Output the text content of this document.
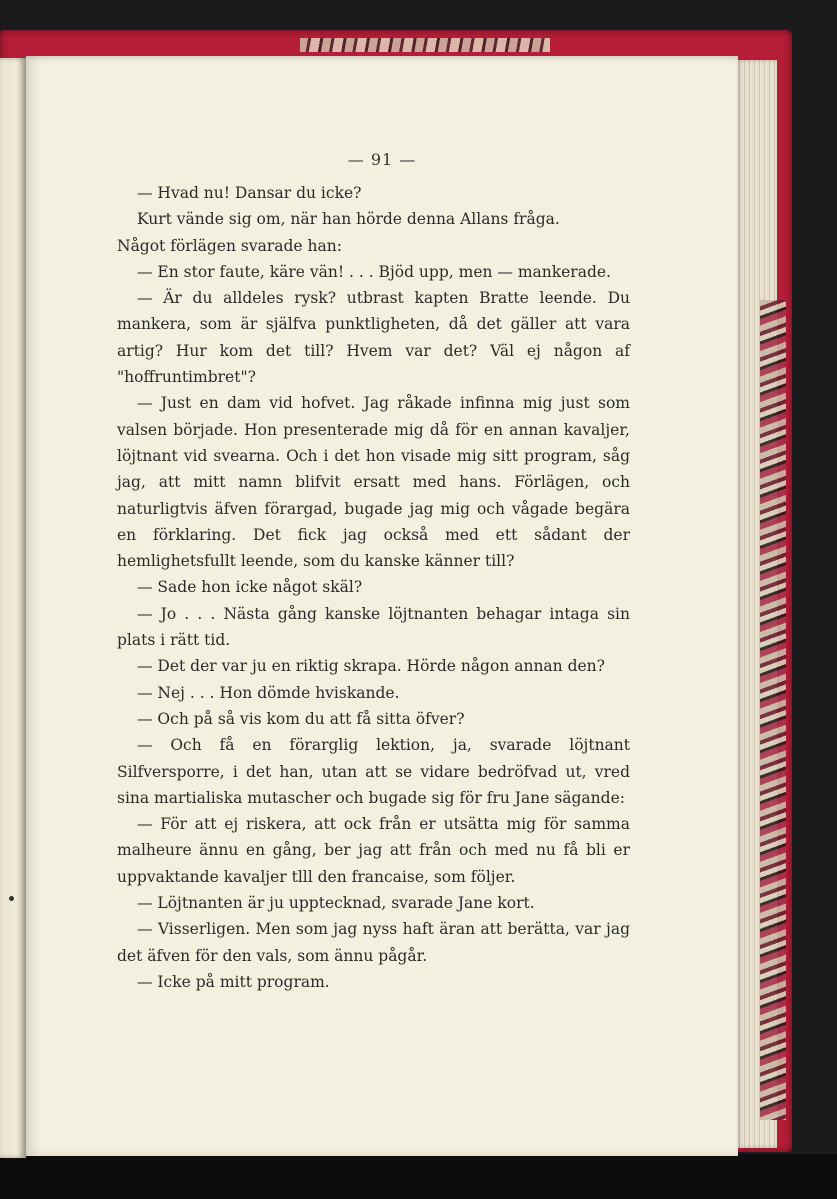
— 91 —

— Hvad nu! Dansar du icke?

Kurt vände sig om, när han hörde denna Allans fråga.

Något förlägen svarade han:

— En stor faute, käre vän! . . . Bjöd upp, men — mankerade.

— Är du alldeles rysk? utbrast kapten Bratte leende. Du mankera, som är själfva punktligheten, då det gäller att vara artig? Hur kom det till? Hvem var det? Väl ej någon af "hoffruntimbret"?

— Just en dam vid hofvet. Jag råkade infinna mig just som valsen började. Hon presenterade mig då för en annan kavaljer, löjtnant vid svearna. Och i det hon visade mig sitt program, såg jag, att mitt namn blifvit ersatt med hans. Förlägen, och naturligtvis äfven förargad, bugade jag mig och vågade begära en förklaring. Det fick jag också med ett sådant der hemlighetsfullt leende, som du kanske känner till?

— Sade hon icke något skäl?

— Jo . . . Nästa gång kanske löjtnanten behagar intaga sin plats i rätt tid.

— Det der var ju en riktig skrapa. Hörde någon annan den?

— Nej . . . Hon dömde hviskande.

— Och på så vis kom du att få sitta öfver?

— Och få en förarglig lektion, ja, svarade löjtnant Silfversporre, i det han, utan att se vidare bedröfvad ut, vred sina martialiska mutascher och bugade sig för fru Jane sägande:

— För att ej riskera, att ock från er utsätta mig för samma malheure ännu en gång, ber jag att från och med nu få bli er uppvaktande kavaljer tlll den francaise, som följer.

— Löjtnanten är ju upptecknad, svarade Jane kort.

— Visserligen. Men som jag nyss haft äran att berätta, var jag det äfven för den vals, som ännu pågår.

— Icke på mitt program.
